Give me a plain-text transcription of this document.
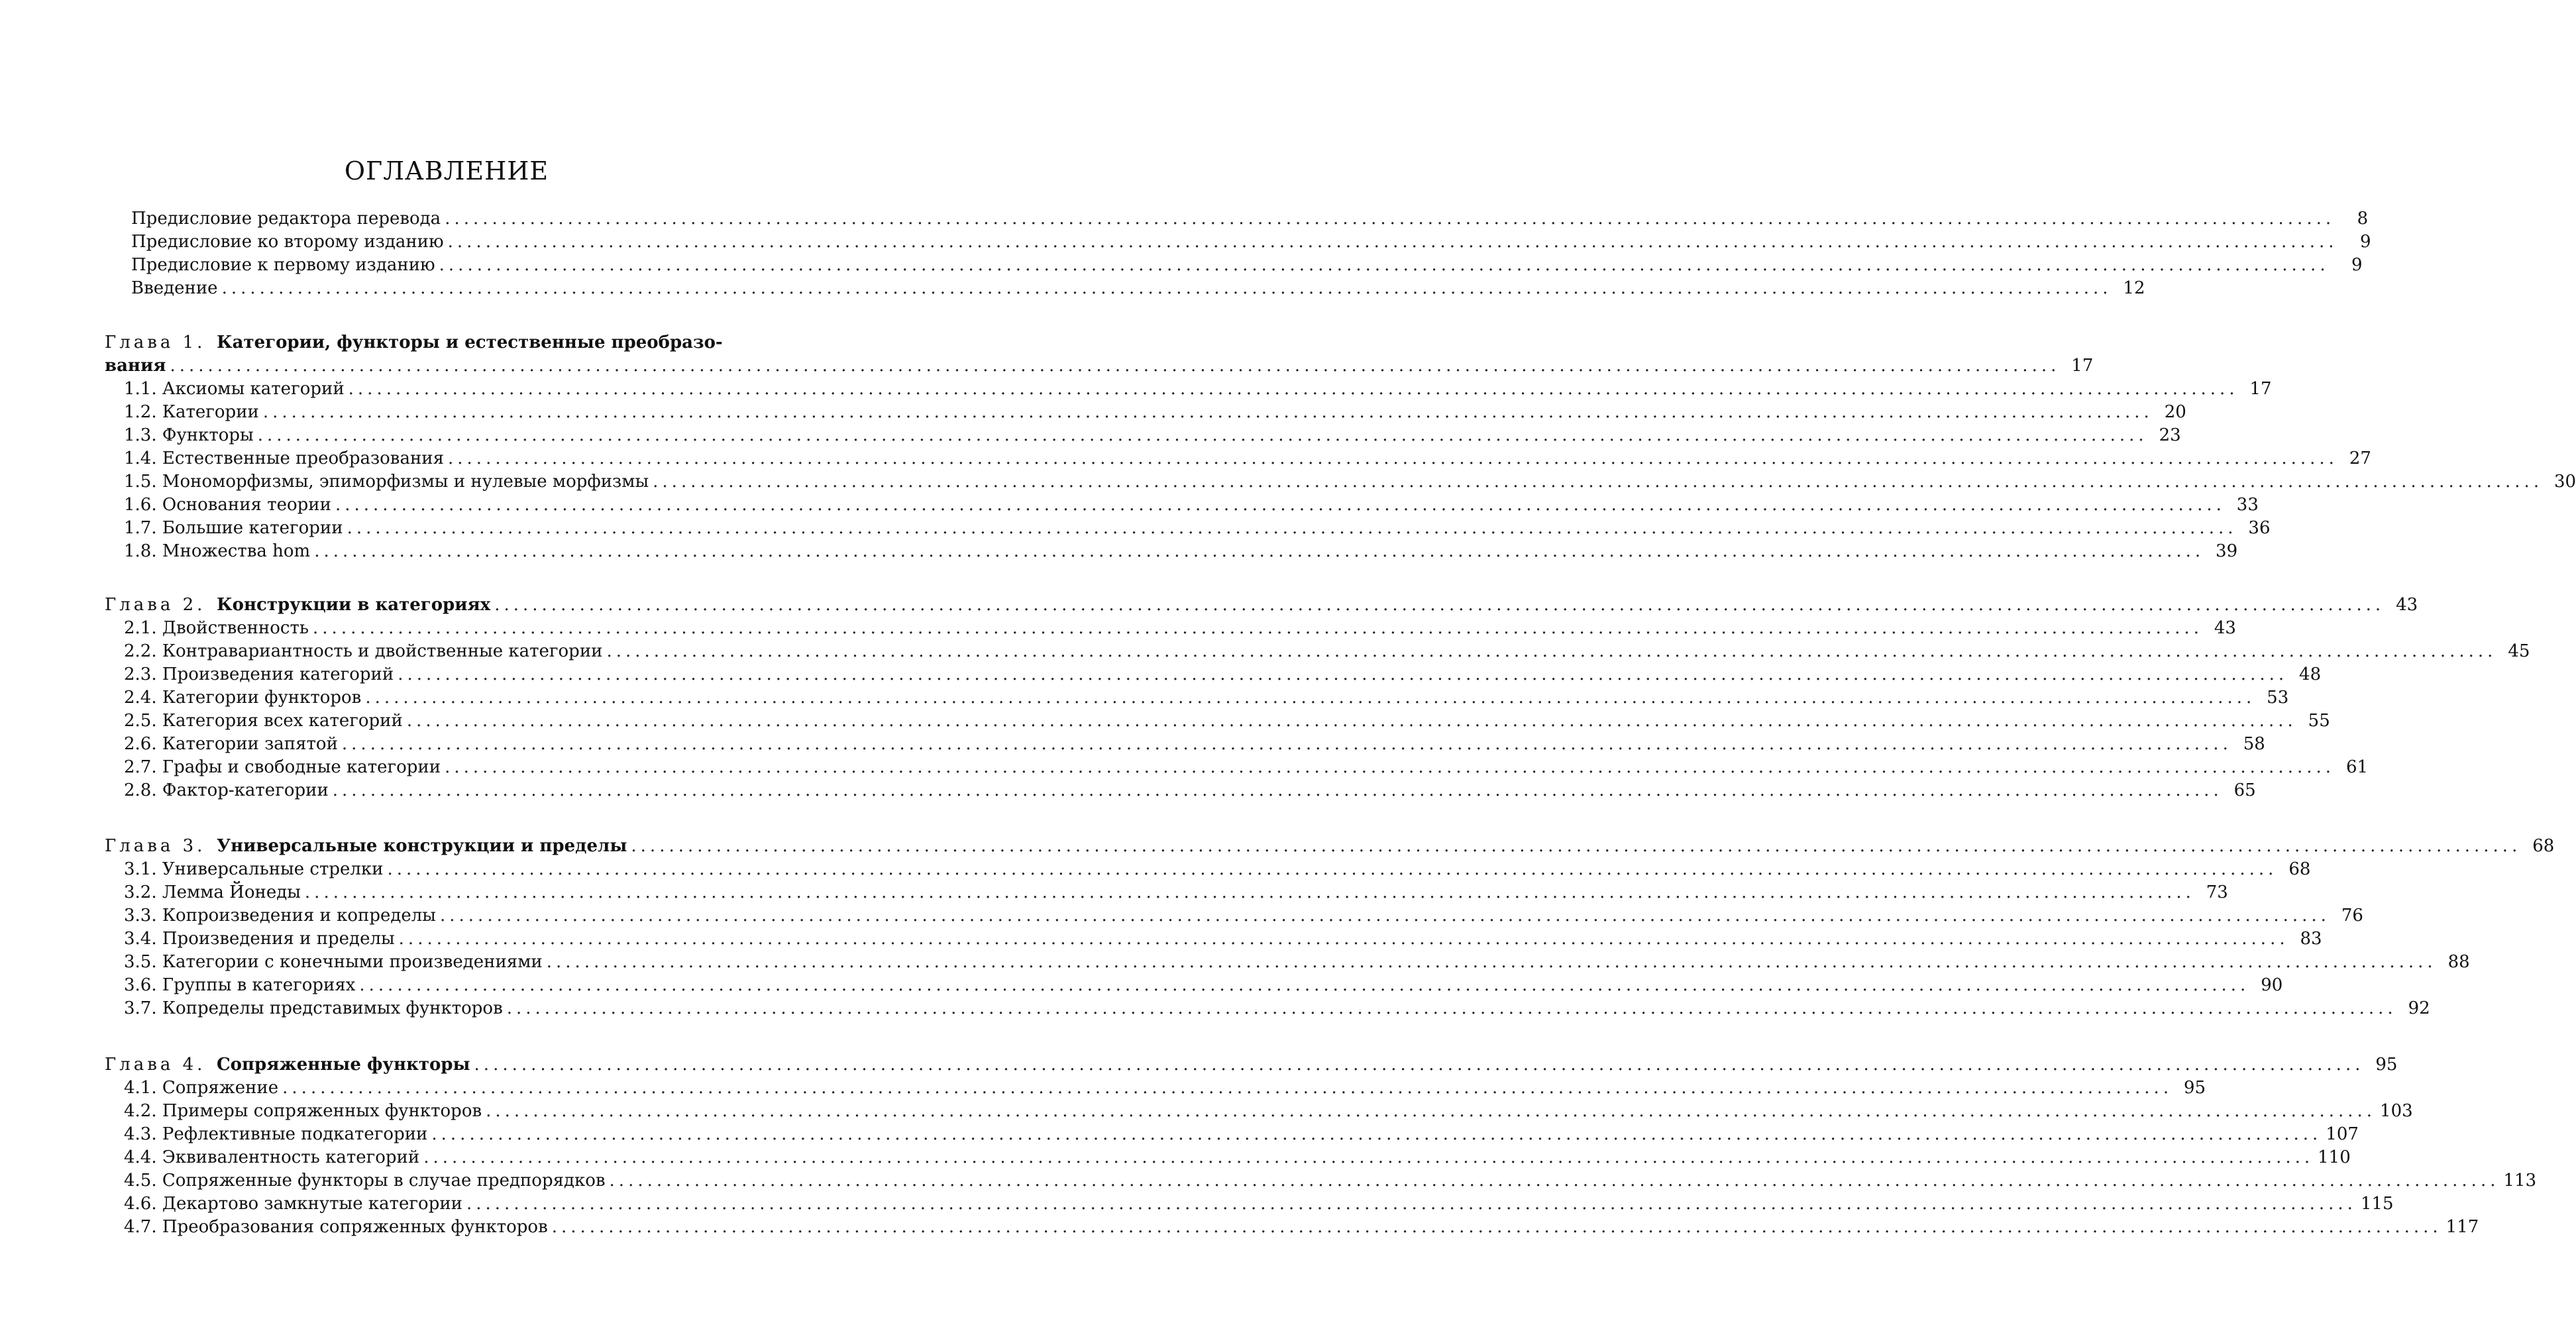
ОГЛАВЛЕНИЕ
Предисловие редактора перевода ........................................................................................................................................................................................................	8
Предисловие ко второму изданию ........................................................................................................................................................................................................	9
Предисловие к первому изданию ........................................................................................................................................................................................................	9
Введение ........................................................................................................................................................................................................ 12
Глава 1. Категории, функторы и естественные преобразо-
вания ........................................................................................................................................................................................................ 17
1.1. Аксиомы категорий ........................................................................................................................................................................................................ 17
1.2. Категории ........................................................................................................................................................................................................ 20
1.3. Функторы ........................................................................................................................................................................................................ 23
1.4. Естественные преобразования ........................................................................................................................................................................................................ 27
1.5. Мономорфизмы, эпиморфизмы и нулевые морфизмы ........................................................................................................................................................................................................ 30
1.6. Основания теории ........................................................................................................................................................................................................ 33
1.7. Большие категории ........................................................................................................................................................................................................ 36
1.8. Множества hom ........................................................................................................................................................................................................ 39
Глава 2. Конструкции в категориях ........................................................................................................................................................................................................ 43
2.1. Двойственность ........................................................................................................................................................................................................ 43
2.2. Контравариантность и двойственные категории ........................................................................................................................................................................................................ 45
2.3. Произведения категорий ........................................................................................................................................................................................................ 48
2.4. Категории функторов ........................................................................................................................................................................................................ 53
2.5. Категория всех категорий ........................................................................................................................................................................................................ 55
2.6. Категории запятой ........................................................................................................................................................................................................ 58
2.7. Графы и свободные категории ........................................................................................................................................................................................................ 61
2.8. Фактор-категории ........................................................................................................................................................................................................ 65
Глава 3. Универсальные конструкции и пределы ........................................................................................................................................................................................................ 68
3.1. Универсальные стрелки ........................................................................................................................................................................................................ 68
3.2. Лемма Йонеды ........................................................................................................................................................................................................ 73
3.3. Копроизведения и копределы ........................................................................................................................................................................................................ 76
3.4. Произведения и пределы ........................................................................................................................................................................................................ 83
3.5. Категории с конечными произведениями ........................................................................................................................................................................................................ 88
3.6. Группы в категориях ........................................................................................................................................................................................................ 90
3.7. Копределы представимых функторов ........................................................................................................................................................................................................ 92
Глава 4. Сопряженные функторы ........................................................................................................................................................................................................ 95
4.1. Сопряжение ........................................................................................................................................................................................................ 95
4.2. Примеры сопряженных функторов ........................................................................................................................................................................................................ 103
4.3. Рефлективные подкатегории ........................................................................................................................................................................................................ 107
4.4. Эквивалентность категорий ........................................................................................................................................................................................................ 110
4.5. Сопряженные функторы в случае предпорядков ........................................................................................................................................................................................................ 113
4.6. Декартово замкнутые категории ........................................................................................................................................................................................................ 115
4.7. Преобразования сопряженных функторов ........................................................................................................................................................................................................ 117
